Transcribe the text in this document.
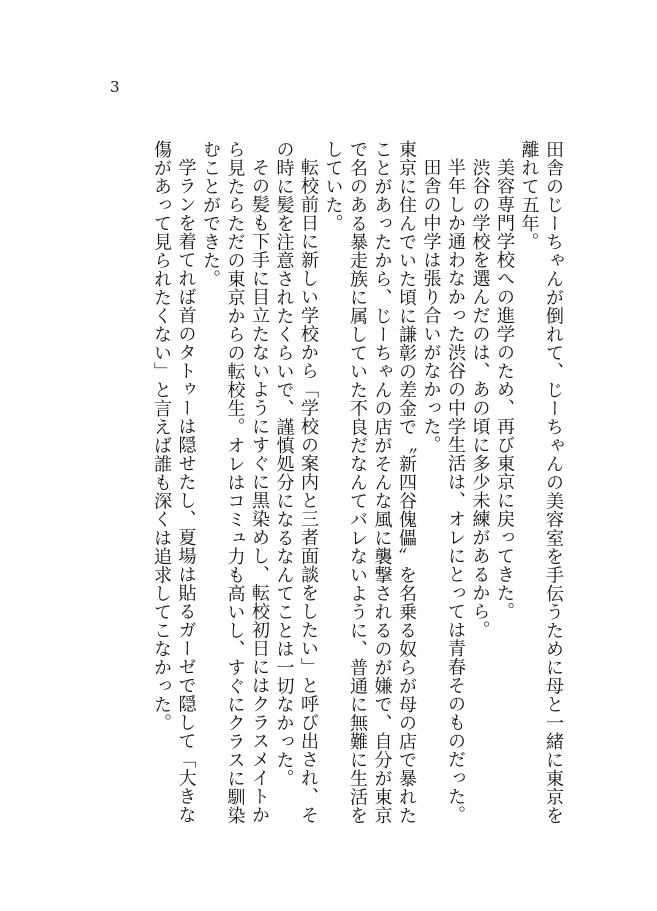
3

田舎のじーちゃんが倒れて、じーちゃんの美容室を手伝うために母と一緒に東京を離れて五年。

美容専門学校への進学のため、再び東京に戻ってきた。

渋谷の学校を選んだのは、あの頃に多少未練があるから。

半年しか通わなかった渋谷の中学生活は、オレにとっては青春そのものだった。

田舎の中学は張り合いがなかった。

東京に住んでいた頃に謙彰の差金で〝新四谷傀儡〟を名乗る奴らが母の店で暴れたことがあったから、じーちゃんの店がそんな風に襲撃されるのが嫌で、自分が東京で名のある暴走族に属していた不良だなんてバレないように、普通に無難に生活をしていた。

転校前日に新しい学校から「学校の案内と三者面談をしたい」と呼び出され、その時に髪を注意されたくらいで、謹慎処分になるなんてことは一切なかった。

その髪も下手に目立たないようにすぐに黒染めし、転校初日にはクラスメイトから見たらただの東京からの転校生。オレはコミュ力も高いし、すぐにクラスに馴染むことができた。

学ランを着てれば首のタトゥーは隠せたし、夏場は貼るガーゼで隠して「大きな傷があって見られたくない」と言えば誰も深くは追求してこなかった。
